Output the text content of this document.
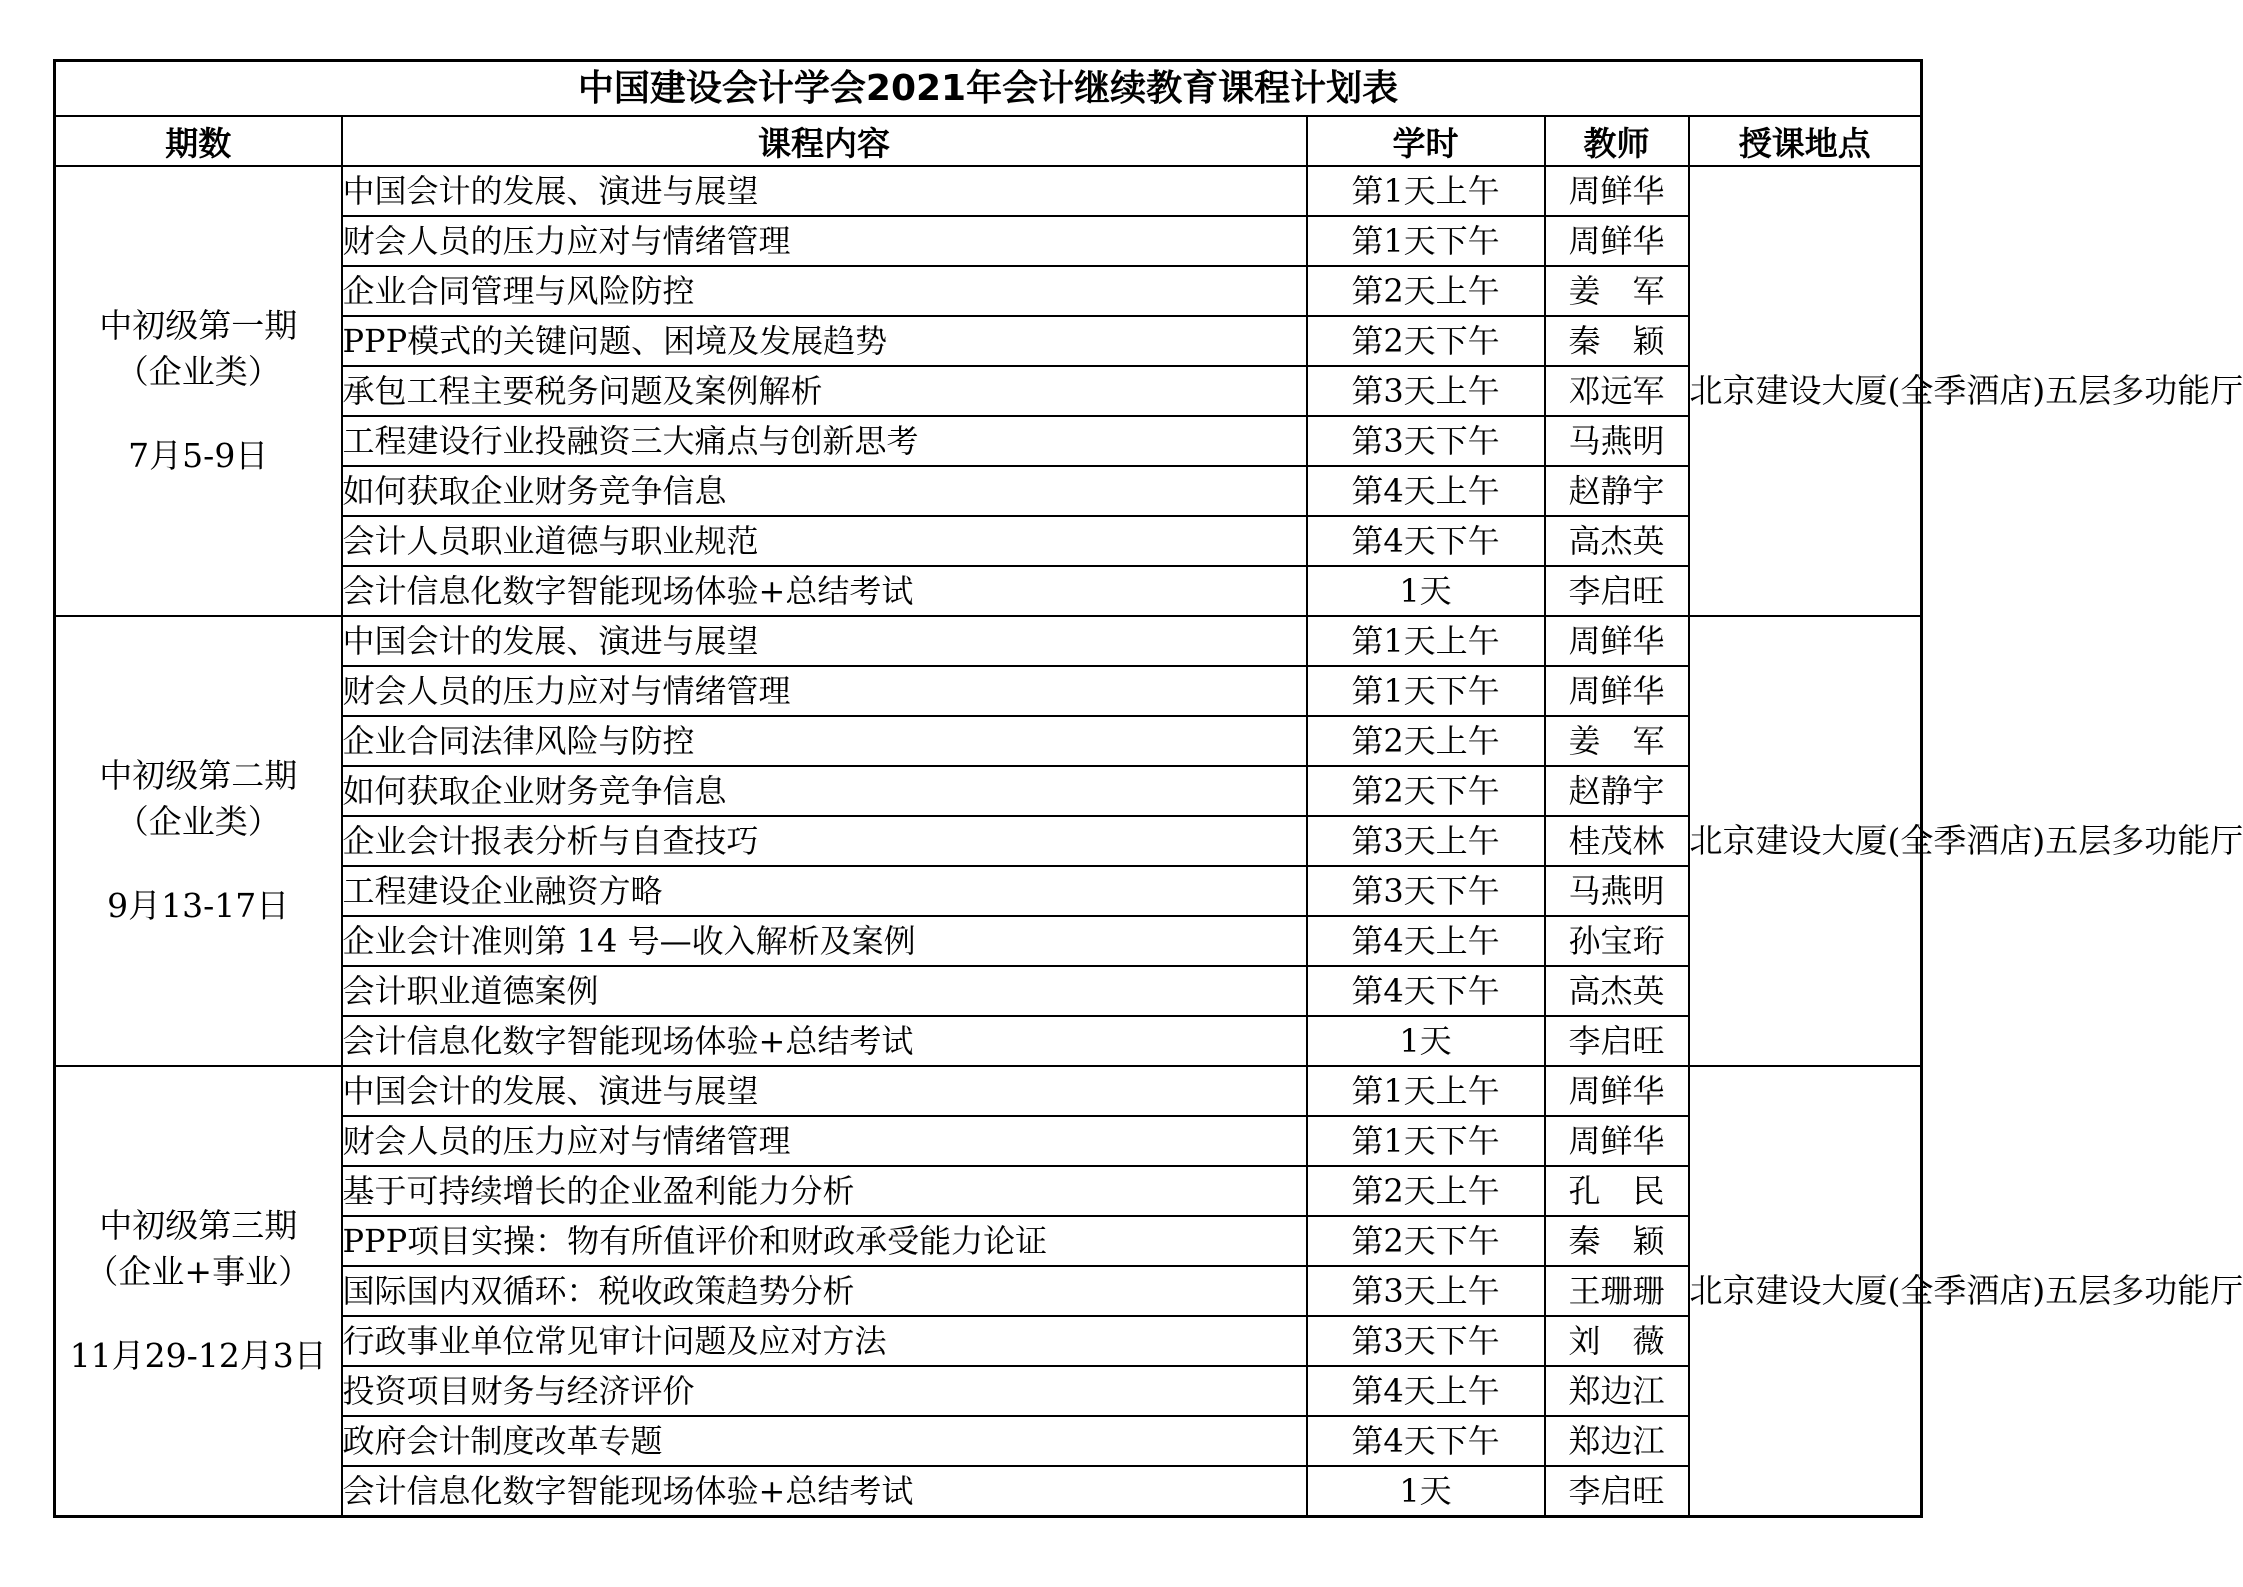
中国建设会计学会2021年会计继续教育课程计划表				
期数	课程内容	学时	教师	授课地点

中初级第一期
（企业类）
7月5-9日	中国会计的发展、演进与展望	第1天上午	周鲜华	北京建设大厦(全季酒店)五层多功能厅
	财会人员的压力应对与情绪管理	第1天下午	周鲜华	
	企业合同管理与风险防控	第2天上午	姜　军	
	PPP模式的关键问题、困境及发展趋势	第2天下午	秦　颖	
	承包工程主要税务问题及案例解析	第3天上午	邓远军	
	工程建设行业投融资三大痛点与创新思考	第3天下午	马燕明	
	如何获取企业财务竞争信息	第4天上午	赵静宇	
	会计人员职业道德与职业规范	第4天下午	高杰英	
	会计信息化数字智能现场体验+总结考试	1天	李启旺	

中初级第二期
（企业类）
9月13-17日	中国会计的发展、演进与展望	第1天上午	周鲜华	北京建设大厦(全季酒店)五层多功能厅
	财会人员的压力应对与情绪管理	第1天下午	周鲜华	
	企业合同法律风险与防控	第2天上午	姜　军	
	如何获取企业财务竞争信息	第2天下午	赵静宇	
	企业会计报表分析与自查技巧	第3天上午	桂茂林	
	工程建设企业融资方略	第3天下午	马燕明	
	企业会计准则第 14 号—收入解析及案例	第4天上午	孙宝珩	
	会计职业道德案例	第4天下午	高杰英	
	会计信息化数字智能现场体验+总结考试	1天	李启旺	

中初级第三期
（企业+事业）
11月29-12月3日	中国会计的发展、演进与展望	第1天上午	周鲜华	北京建设大厦(全季酒店)五层多功能厅
	财会人员的压力应对与情绪管理	第1天下午	周鲜华	
	基于可持续增长的企业盈利能力分析	第2天上午	孔　民	
	PPP项目实操：物有所值评价和财政承受能力论证	第2天下午	秦　颖	
	国际国内双循环：税收政策趋势分析	第3天上午	王珊珊	
	行政事业单位常见审计问题及应对方法	第3天下午	刘　薇	
	投资项目财务与经济评价	第4天上午	郑边江	
	政府会计制度改革专题	第4天下午	郑边江	
	会计信息化数字智能现场体验+总结考试	1天	李启旺	
